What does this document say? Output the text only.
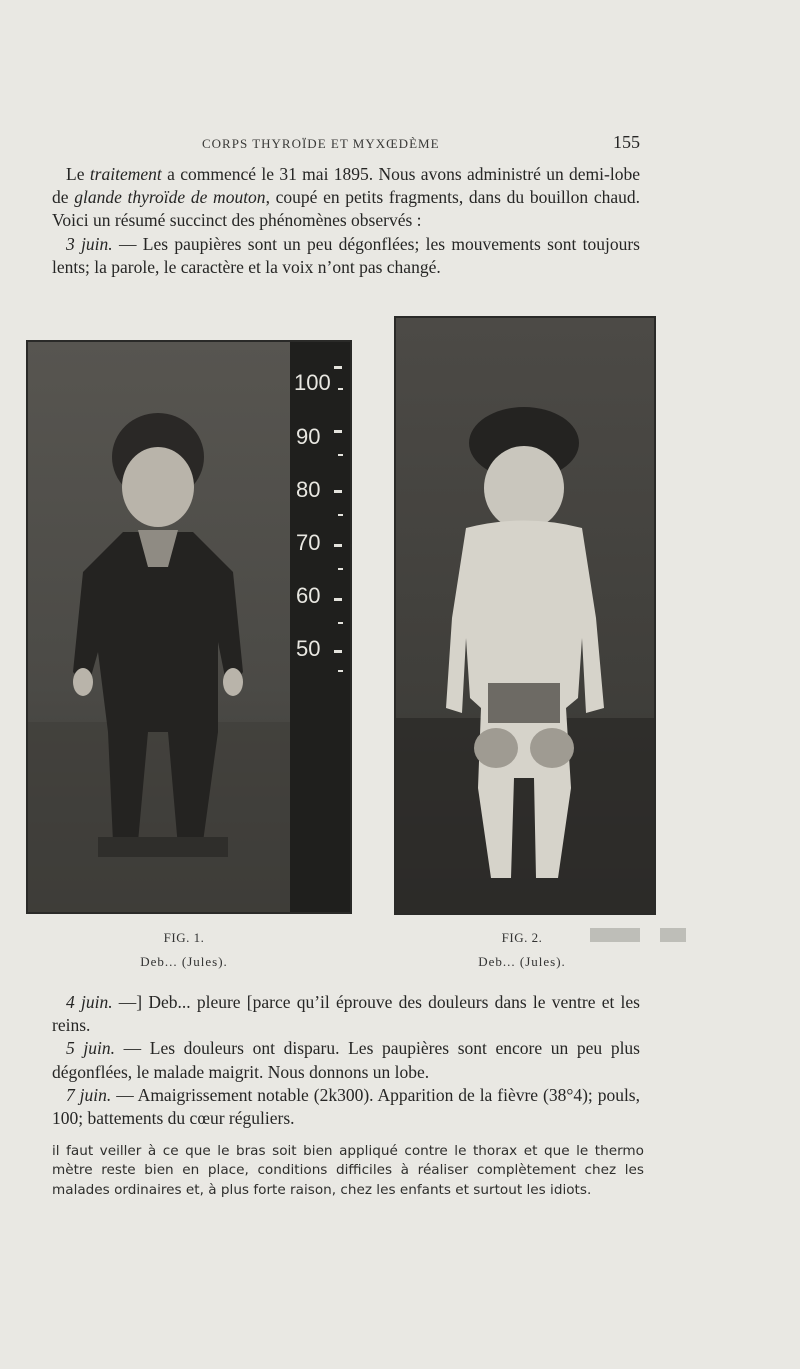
CORPS THYROÏDE ET MYXŒDÈME	155

Le traitement a commencé le 31 mai 1895. Nous avons administré un demi-lobe de glande thyroïde de mouton, coupé en petits fragments, dans du bouillon chaud. Voici un résumé succinct des phénomènes observés :

3 juin. — Les paupières sont un peu dégonflées; les mouvements sont toujours lents; la parole, le caractère et la voix n’ont pas changé.

100
90
80
70
60
50
FIG. 1.
Deb... (Jules).
FIG. 2.
Deb... (Jules).

4 juin. —] Deb... pleure [parce qu’il éprouve des douleurs dans le ventre et les reins.

5 juin. — Les douleurs ont disparu. Les paupières sont encore un peu plus dégonflées, le malade maigrit. Nous donnons un lobe.

7 juin. — Amaigrissement notable (2k300). Apparition de la fièvre (38°4); pouls, 100; battements du cœur réguliers.

il faut veiller à ce que le bras soit bien appliqué contre le thorax et que le thermo mètre reste bien en place, conditions difficiles à réaliser complètement chez les malades ordinaires et, à plus forte raison, chez les enfants et surtout les idiots.
